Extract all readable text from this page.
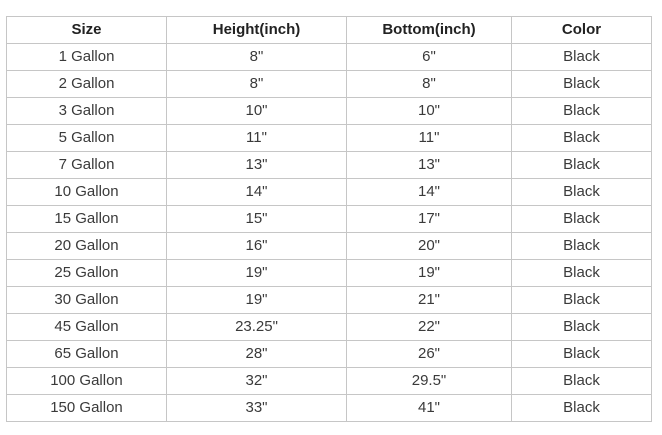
Size	Height(inch)	Bottom(inch)	Color
1 Gallon	8"	6"	Black
2 Gallon	8"	8"	Black
3 Gallon	10"	10"	Black
5 Gallon	11"	11"	Black
7 Gallon	13"	13"	Black
10 Gallon	14"	14"	Black
15 Gallon	15"	17"	Black
20 Gallon	16"	20"	Black
25 Gallon	19"	19"	Black
30 Gallon	19"	21"	Black
45 Gallon	23.25"	22"	Black
65 Gallon	28"	26"	Black
100 Gallon	32"	29.5"	Black
150 Gallon	33"	41"	Black
